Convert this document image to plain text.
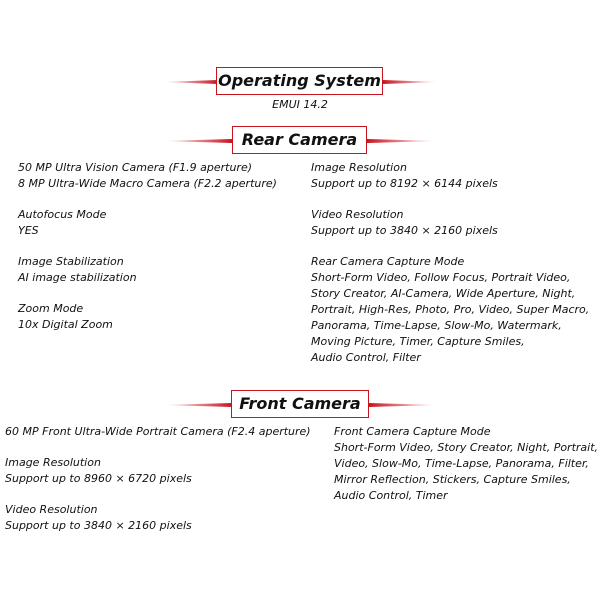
Operating System
EMUI 14.2
Rear Camera
50 MP Ultra Vision Camera (F1.9 aperture)
8 MP Ultra-Wide Macro Camera (F2.2 aperture)
Autofocus Mode
YES
Image Stabilization
AI image stabilization
Zoom Mode
10x Digital Zoom
Image Resolution
Support up to 8192 × 6144 pixels
Video Resolution
Support up to 3840 × 2160 pixels
Rear Camera Capture Mode
Short-Form Video, Follow Focus, Portrait Video,
Story Creator, AI-Camera, Wide Aperture, Night,
Portrait, High-Res, Photo, Pro, Video, Super Macro,
Panorama, Time-Lapse, Slow-Mo, Watermark,
Moving Picture, Timer, Capture Smiles,
Audio Control, Filter
Front Camera
60 MP Front Ultra-Wide Portrait Camera (F2.4 aperture)
Image Resolution
Support up to 8960 × 6720 pixels
Video Resolution
Support up to 3840 × 2160 pixels
Front Camera Capture Mode
Short-Form Video, Story Creator, Night, Portrait,
Video, Slow-Mo, Time-Lapse, Panorama, Filter,
Mirror Reflection, Stickers, Capture Smiles,
Audio Control, Timer
